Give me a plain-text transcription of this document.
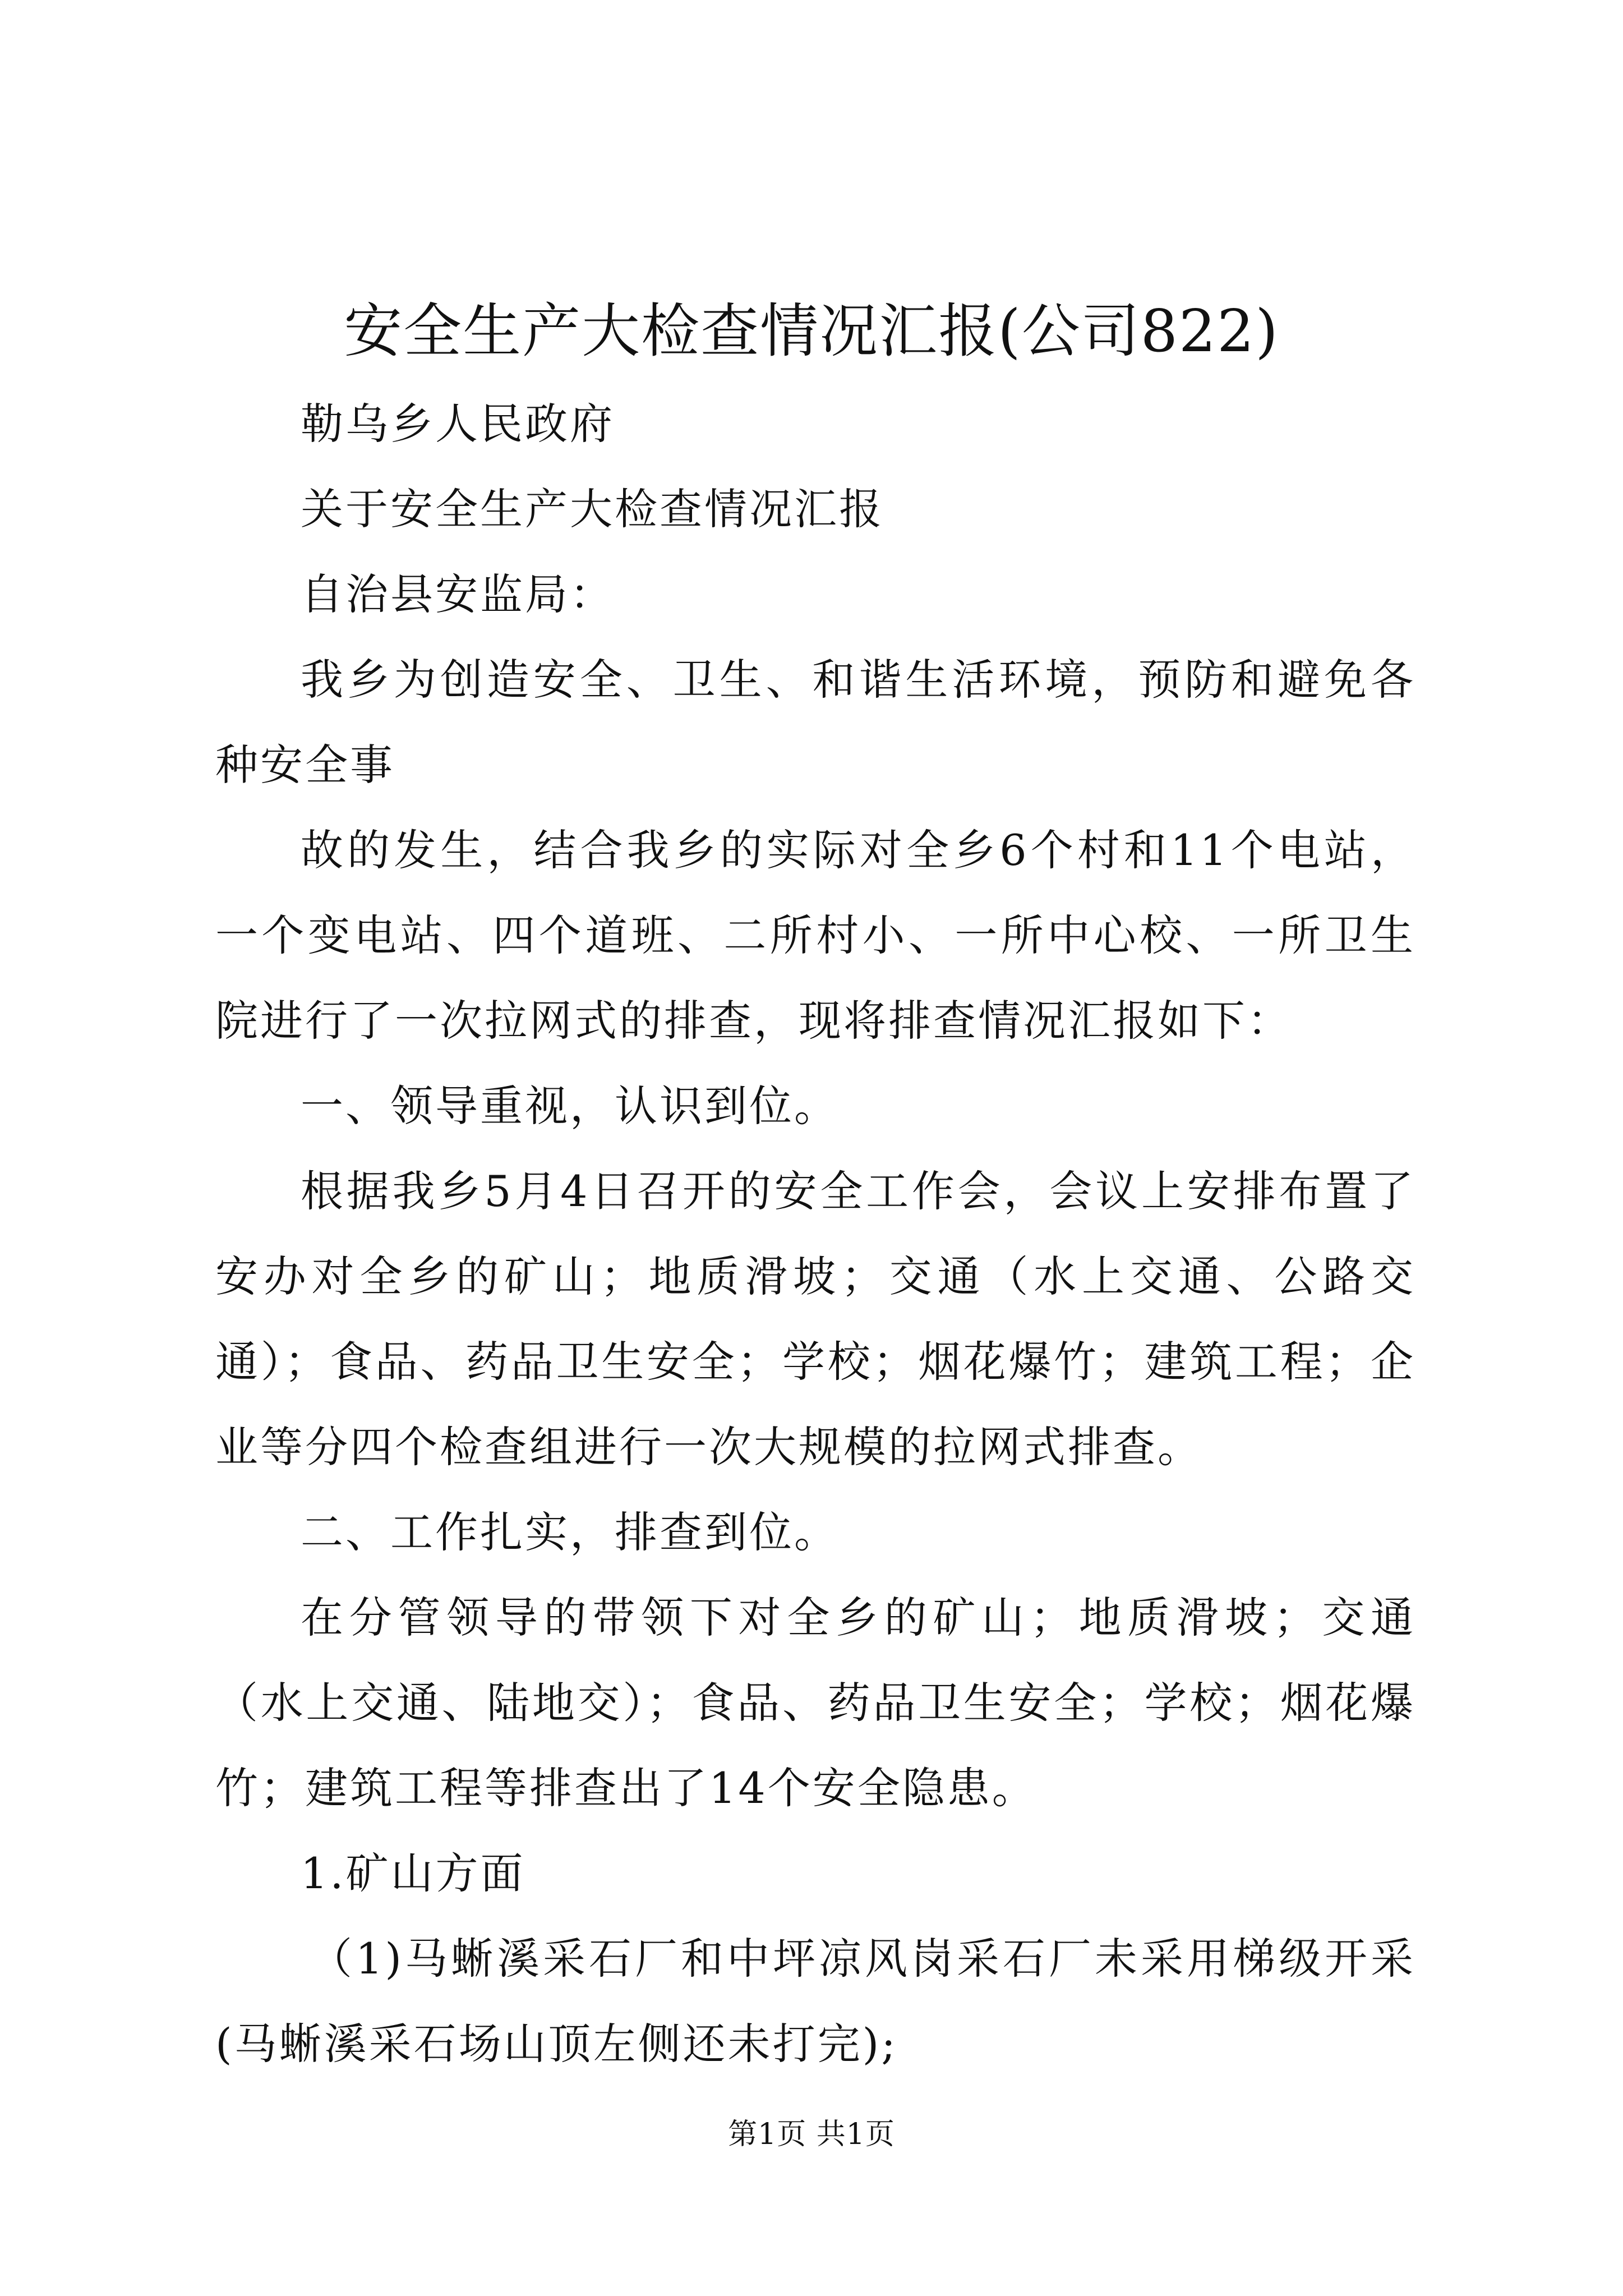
安全生产大检查情况汇报(公司822)

勒乌乡人民政府

关于安全生产大检查情况汇报

自治县安监局：

我乡为创造安全、卫生、和谐生活环境，预防和避免各种安全事

故的发生，结合我乡的实际对全乡6个村和11个电站，一个变电站、四个道班、二所村小、一所中心校、一所卫生院进行了一次拉网式的排查，现将排查情况汇报如下：

一、领导重视，认识到位。

根据我乡5月4日召开的安全工作会，会议上安排布置了安办对全乡的矿山；地质滑坡；交通（水上交通、公路交通）；食品、药品卫生安全；学校；烟花爆竹；建筑工程；企业等分四个检查组进行一次大规模的拉网式排查。

二、工作扎实，排查到位。

在分管领导的带领下对全乡的矿山；地质滑坡；交通（水上交通、陆地交）；食品、药品卫生安全；学校；烟花爆竹；建筑工程等排查出了14个安全隐患。

1.矿山方面

（1)马蜥溪采石厂和中坪凉风岗采石厂未采用梯级开采(马蜥溪采石场山顶左侧还未打完);

第1页 共1页
